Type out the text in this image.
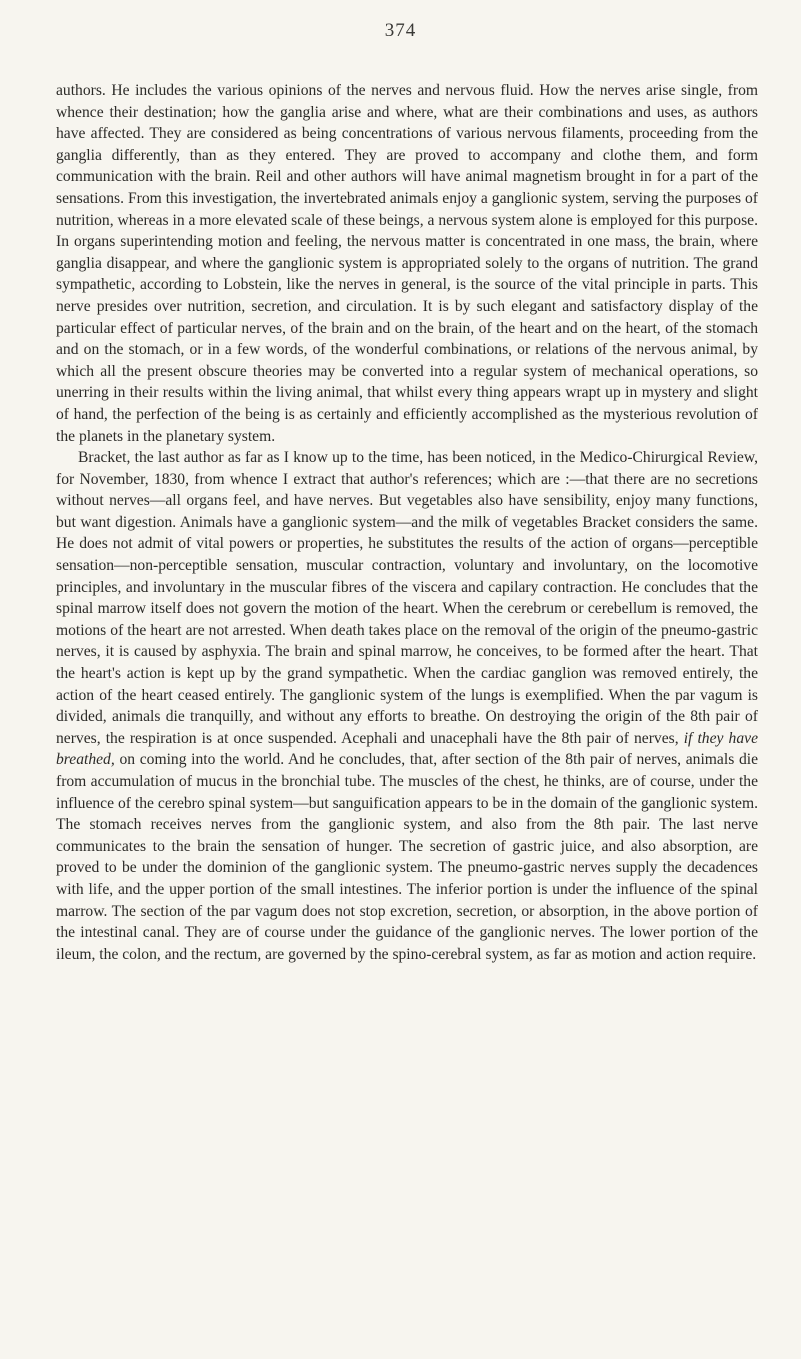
374

authors. He includes the various opinions of the nerves and nervous fluid. How the nerves arise single, from whence their destination; how the ganglia arise and where, what are their combinations and uses, as authors have affected. They are considered as being concentrations of various nervous filaments, proceeding from the ganglia differently, than as they entered. They are proved to accompany and clothe them, and form communication with the brain. Reil and other authors will have animal magnetism brought in for a part of the sensations. From this investigation, the invertebrated animals enjoy a ganglionic system, serving the purposes of nutrition, whereas in a more elevated scale of these beings, a nervous system alone is employed for this purpose. In organs superintending motion and feeling, the nervous matter is concentrated in one mass, the brain, where ganglia disappear, and where the ganglionic system is appropriated solely to the organs of nutrition. The grand sympathetic, according to Lobstein, like the nerves in general, is the source of the vital principle in parts. This nerve presides over nutrition, secretion, and circulation. It is by such elegant and satisfactory display of the particular effect of particular nerves, of the brain and on the brain, of the heart and on the heart, of the stomach and on the stomach, or in a few words, of the wonderful combinations, or relations of the nervous animal, by which all the present obscure theories may be converted into a regular system of mechanical operations, so unerring in their results within the living animal, that whilst every thing appears wrapt up in mystery and slight of hand, the perfection of the being is as certainly and efficiently accomplished as the mysterious revolution of the planets in the planetary system.

Bracket, the last author as far as I know up to the time, has been noticed, in the Medico-Chirurgical Review, for November, 1830, from whence I extract that author's references; which are :—that there are no secretions without nerves—all organs feel, and have nerves. But vegetables also have sensibility, enjoy many functions, but want digestion. Animals have a ganglionic system—and the milk of vegetables Bracket considers the same. He does not admit of vital powers or properties, he substitutes the results of the action of organs—perceptible sensation—non-perceptible sensation, muscular contraction, voluntary and involuntary, on the locomotive principles, and involuntary in the muscular fibres of the viscera and capilary contraction. He concludes that the spinal marrow itself does not govern the motion of the heart. When the cerebrum or cerebellum is removed, the motions of the heart are not arrested. When death takes place on the removal of the origin of the pneumo-gastric nerves, it is caused by asphyxia. The brain and spinal marrow, he conceives, to be formed after the heart. That the heart's action is kept up by the grand sympathetic. When the cardiac ganglion was removed entirely, the action of the heart ceased entirely. The ganglionic system of the lungs is exemplified. When the par vagum is divided, animals die tranquilly, and without any efforts to breathe. On destroying the origin of the 8th pair of nerves, the respiration is at once suspended. Acephali and unacephali have the 8th pair of nerves, if they have breathed, on coming into the world. And he concludes, that, after section of the 8th pair of nerves, animals die from accumulation of mucus in the bronchial tube. The muscles of the chest, he thinks, are of course, under the influence of the cerebro spinal system—but sanguification appears to be in the domain of the ganglionic system. The stomach receives nerves from the ganglionic system, and also from the 8th pair. The last nerve communicates to the brain the sensation of hunger. The secretion of gastric juice, and also absorption, are proved to be under the dominion of the ganglionic system. The pneumo-gastric nerves supply the decadences with life, and the upper portion of the small intestines. The inferior portion is under the influence of the spinal marrow. The section of the par vagum does not stop excretion, secretion, or absorption, in the above portion of the intestinal canal. They are of course under the guidance of the ganglionic nerves. The lower portion of the ileum, the colon, and the rectum, are governed by the spino-cerebral system, as far as motion and action require.
